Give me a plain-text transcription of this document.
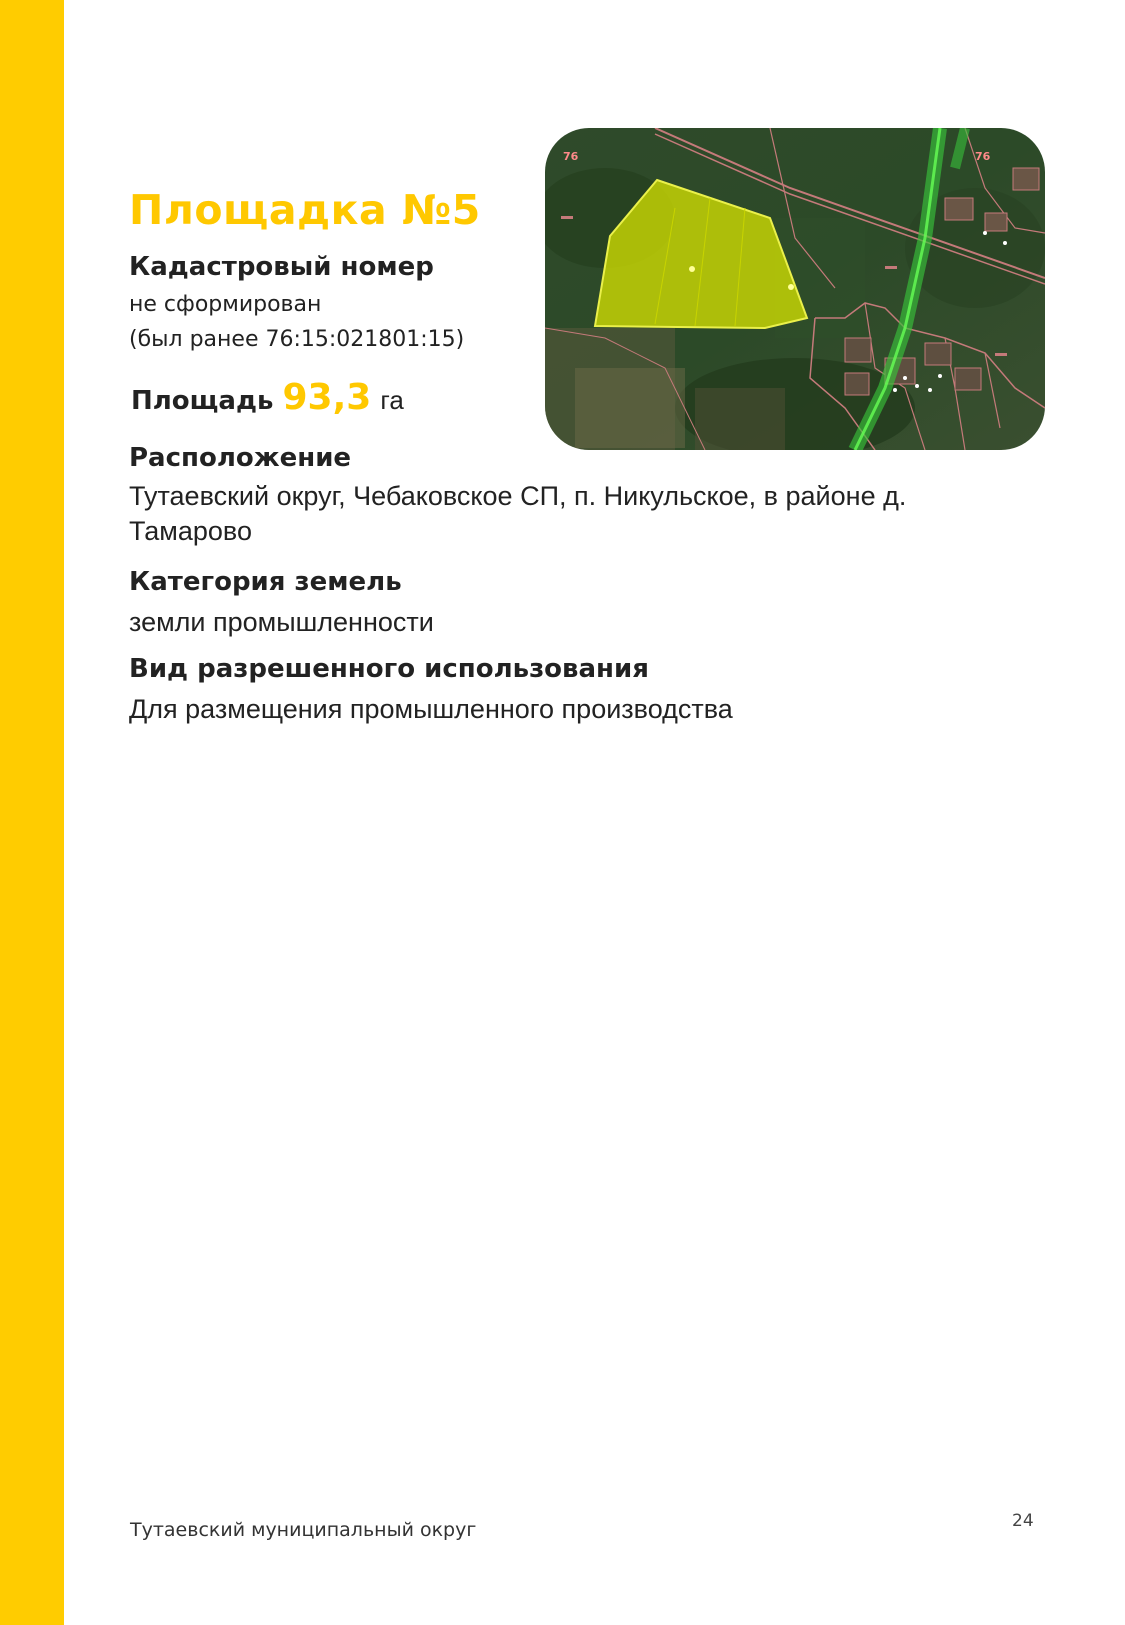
Площадка №5
Кадастровый номер
не сформирован
(был ранее 76:15:021801:15)
Площадь 93,3 га
Расположение
Тутаевский округ, Чебаковское СП, п. Никульское, в районе д. Тамарово
Категория земель
земли промышленности
Вид разрешенного использования
Для размещения промышленного производства
76	76
Тутаевский муниципальный округ	24
